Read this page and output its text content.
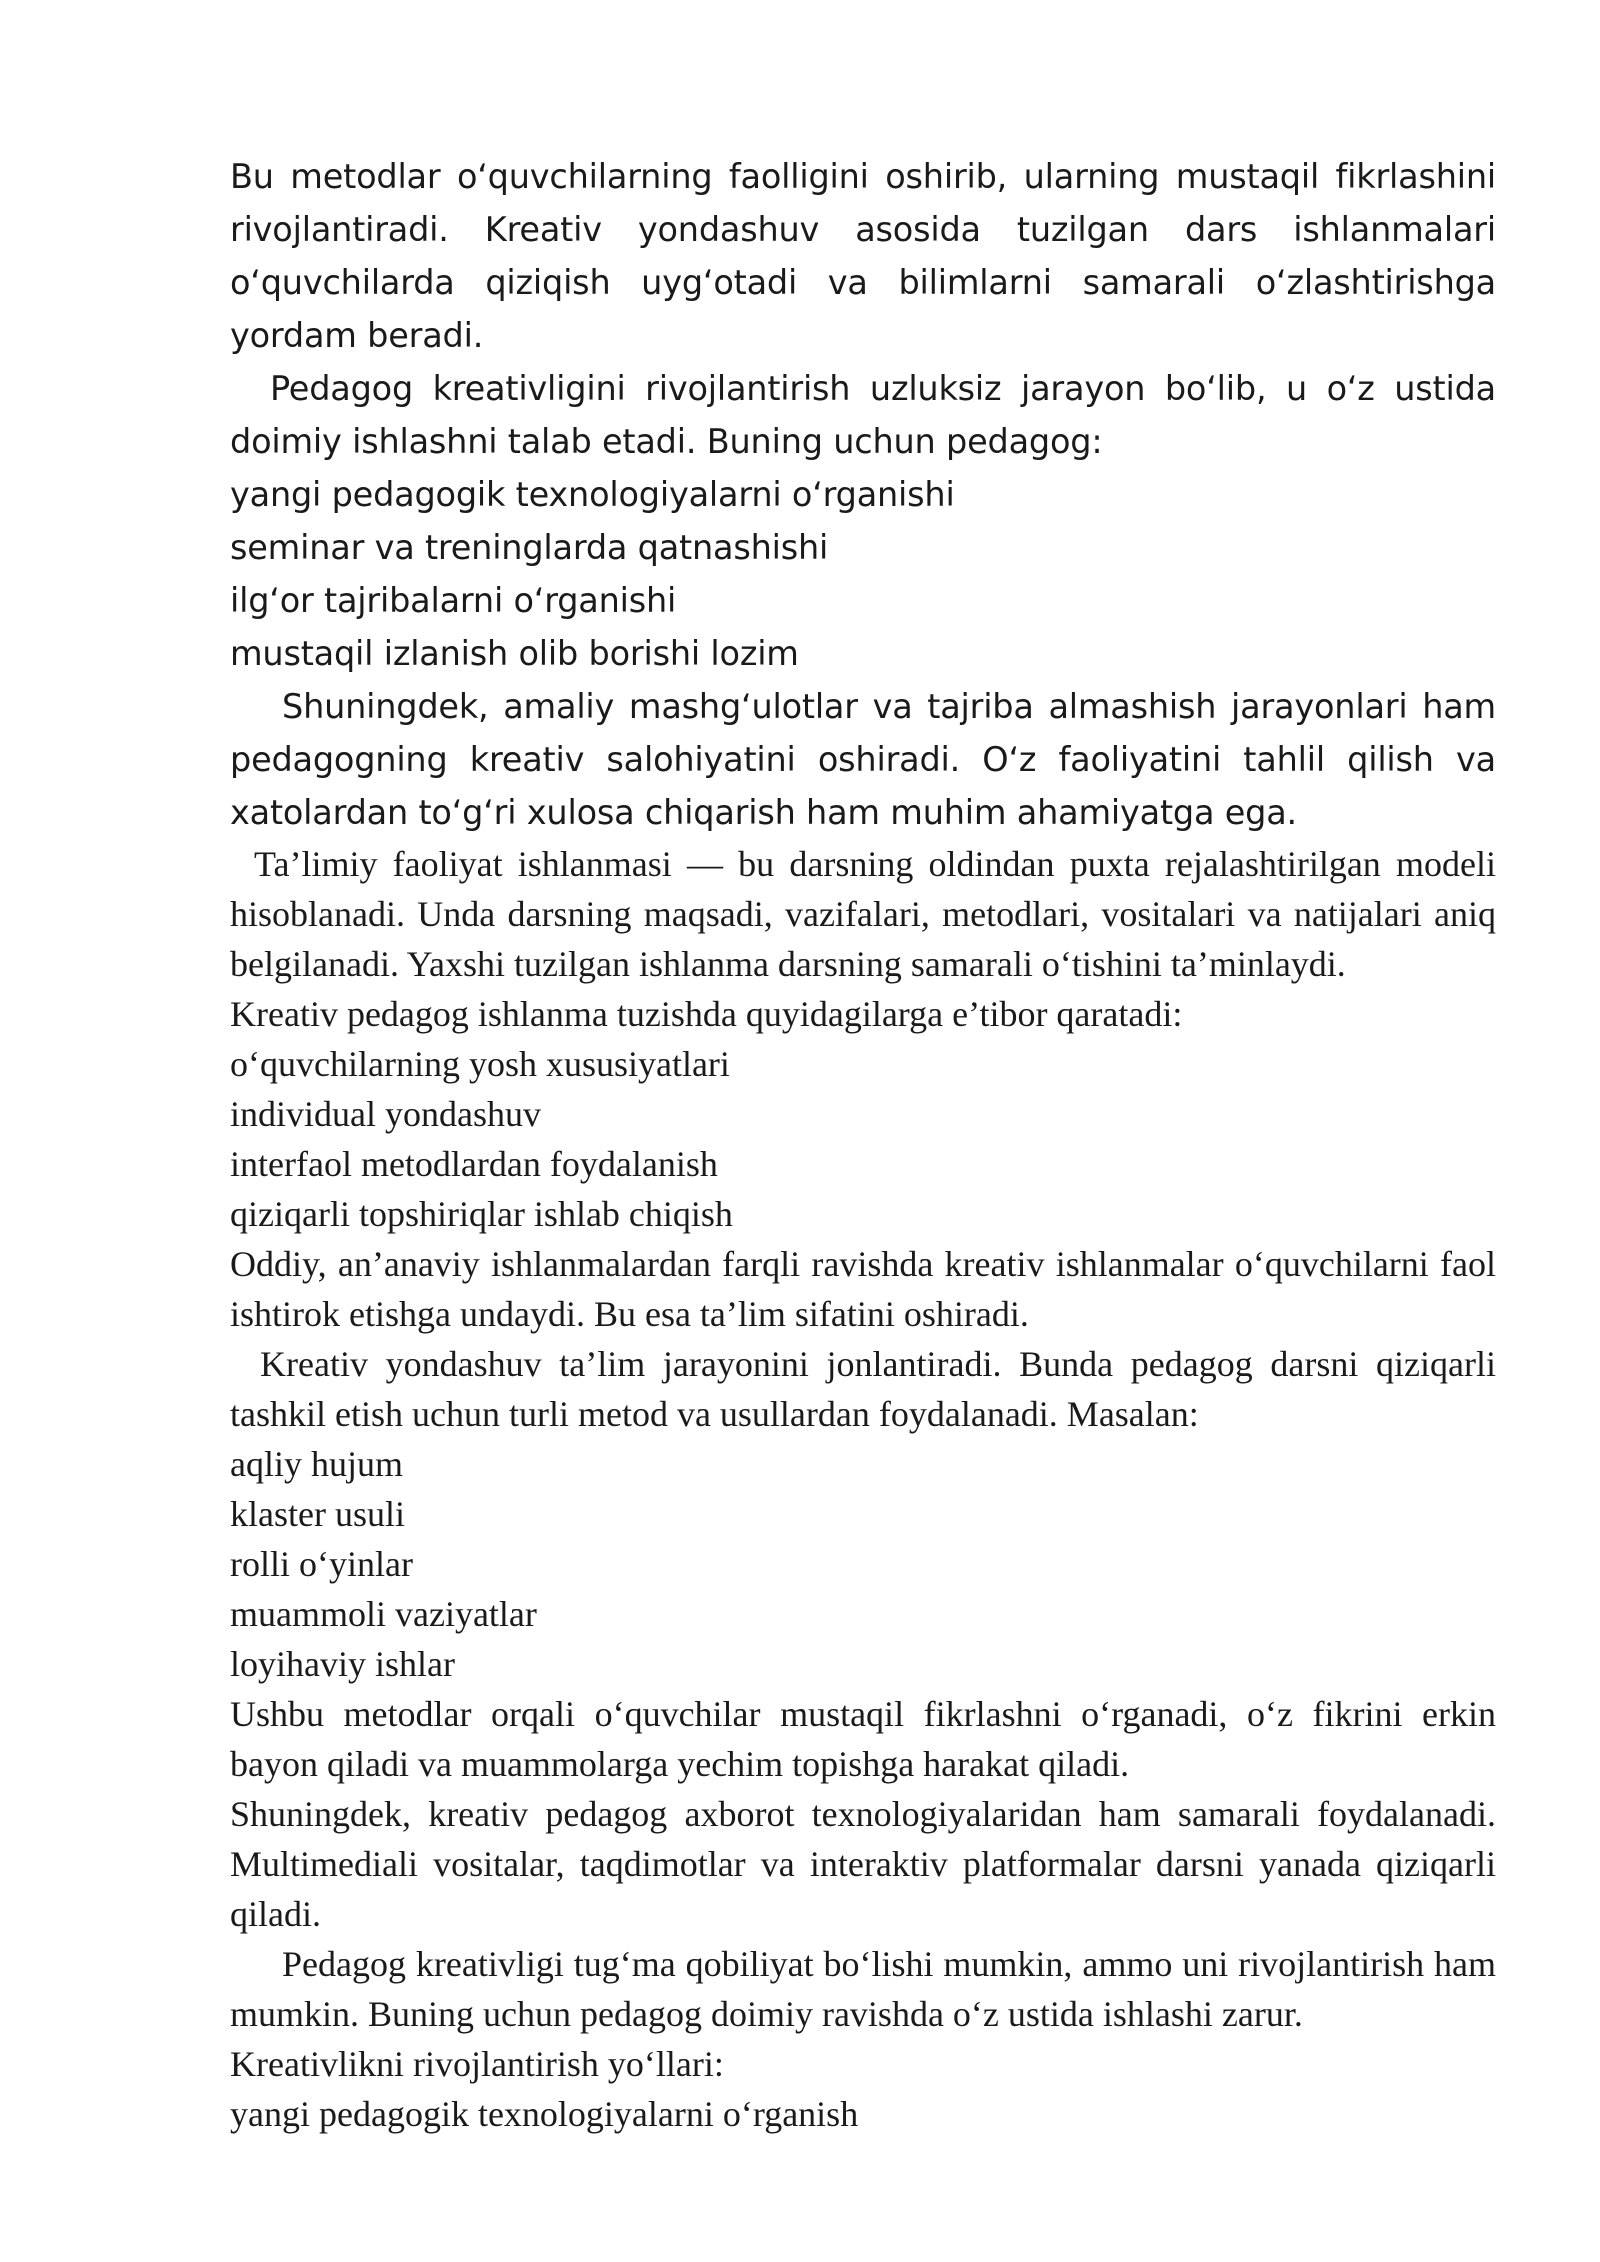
Bu metodlar o‘quvchilarning faolligini oshirib, ularning mustaqil fikrlashini rivojlantiradi. Kreativ yondashuv asosida tuzilgan dars ishlanmalari o‘quvchilarda qiziqish uyg‘otadi va bilimlarni samarali o‘zlashtirishga yordam beradi.

Pedagog kreativligini rivojlantirish uzluksiz jarayon bo‘lib, u o‘z ustida doimiy ishlashni talab etadi. Buning uchun pedagog:

yangi pedagogik texnologiyalarni o‘rganishi

seminar va treninglarda qatnashishi

ilg‘or tajribalarni o‘rganishi

mustaqil izlanish olib borishi lozim

Shuningdek, amaliy mashg‘ulotlar va tajriba almashish jarayonlari ham pedagogning kreativ salohiyatini oshiradi. O‘z faoliyatini tahlil qilish va xatolardan to‘g‘ri xulosa chiqarish ham muhim ahamiyatga ega.

Ta’limiy faoliyat ishlanmasi — bu darsning oldindan puxta rejalashtirilgan modeli hisoblanadi. Unda darsning maqsadi, vazifalari, metodlari, vositalari va natijalari aniq belgilanadi. Yaxshi tuzilgan ishlanma darsning samarali o‘tishini ta’minlaydi.

Kreativ pedagog ishlanma tuzishda quyidagilarga e’tibor qaratadi:

o‘quvchilarning yosh xususiyatlari

individual yondashuv

interfaol metodlardan foydalanish

qiziqarli topshiriqlar ishlab chiqish

Oddiy, an’anaviy ishlanmalardan farqli ravishda kreativ ishlanmalar o‘quvchilarni faol ishtirok etishga undaydi. Bu esa ta’lim sifatini oshiradi.

Kreativ yondashuv ta’lim jarayonini jonlantiradi. Bunda pedagog darsni qiziqarli tashkil etish uchun turli metod va usullardan foydalanadi. Masalan:

aqliy hujum

klaster usuli

rolli o‘yinlar

muammoli vaziyatlar

loyihaviy ishlar

Ushbu metodlar orqali o‘quvchilar mustaqil fikrlashni o‘rganadi, o‘z fikrini erkin bayon qiladi va muammolarga yechim topishga harakat qiladi.

Shuningdek, kreativ pedagog axborot texnologiyalaridan ham samarali foydalanadi. Multimediali vositalar, taqdimotlar va interaktiv platformalar darsni yanada qiziqarli qiladi.

Pedagog kreativligi tug‘ma qobiliyat bo‘lishi mumkin, ammo uni rivojlantirish ham mumkin. Buning uchun pedagog doimiy ravishda o‘z ustida ishlashi zarur.

Kreativlikni rivojlantirish yo‘llari:

yangi pedagogik texnologiyalarni o‘rganish
